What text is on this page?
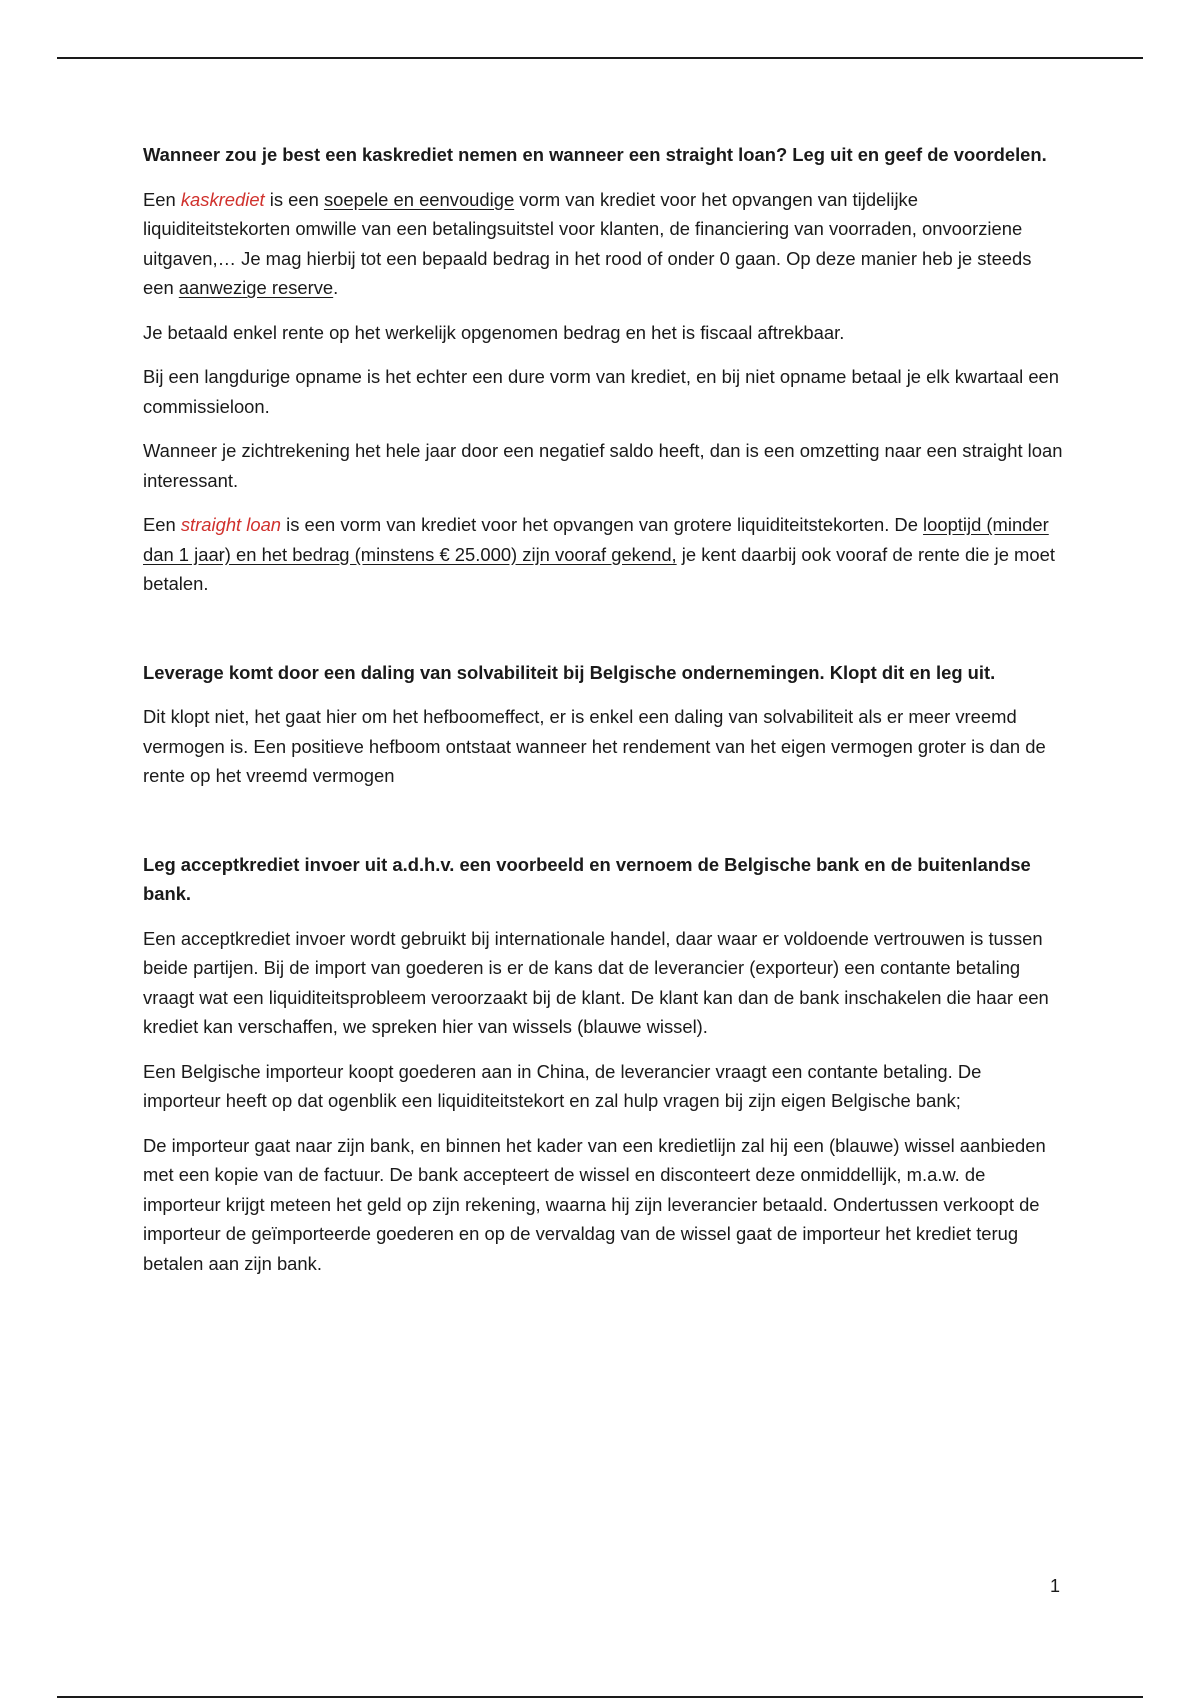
Wanneer zou je best een kaskrediet nemen en wanneer een straight loan? Leg uit en geef de voordelen.

Een kaskrediet is een soepele en eenvoudige vorm van krediet voor het opvangen van tijdelijke liquiditeitstekorten omwille van een betalingsuitstel voor klanten, de financiering van voorraden, onvoorziene uitgaven,… Je mag hierbij tot een bepaald bedrag in het rood of onder 0 gaan. Op deze manier heb je steeds een aanwezige reserve.

Je betaald enkel rente op het werkelijk opgenomen bedrag en het is fiscaal aftrekbaar.

Bij een langdurige opname is het echter een dure vorm van krediet, en bij niet opname betaal je elk kwartaal een commissieloon.

Wanneer je zichtrekening het hele jaar door een negatief saldo heeft, dan is een omzetting naar een straight loan interessant.

Een straight loan is een vorm van krediet voor het opvangen van grotere liquiditeitstekorten. De looptijd (minder dan 1 jaar) en het bedrag (minstens € 25.000) zijn vooraf gekend, je kent daarbij ook vooraf de rente die je moet betalen.

Leverage komt door een daling van solvabiliteit bij Belgische ondernemingen. Klopt dit en leg uit.

Dit klopt niet, het gaat hier om het hefboomeffect, er is enkel een daling van solvabiliteit als er meer vreemd vermogen is. Een positieve hefboom ontstaat wanneer het rendement van het eigen vermogen groter is dan de rente op het vreemd vermogen

Leg acceptkrediet invoer uit a.d.h.v. een voorbeeld en vernoem de Belgische bank en de buitenlandse bank.

Een acceptkrediet invoer wordt gebruikt bij internationale handel, daar waar er voldoende vertrouwen is tussen beide partijen. Bij de import van goederen is er de kans dat de leverancier (exporteur) een contante betaling vraagt wat een liquiditeitsprobleem veroorzaakt bij de klant. De klant kan dan de bank inschakelen die haar een krediet kan verschaffen, we spreken hier van wissels (blauwe wissel).

Een Belgische importeur koopt goederen aan in China, de leverancier vraagt een contante betaling. De importeur heeft op dat ogenblik een liquiditeitstekort en zal hulp vragen bij zijn eigen Belgische bank;

De importeur gaat naar zijn bank, en binnen het kader van een kredietlijn zal hij een (blauwe) wissel aanbieden met een kopie van de factuur. De bank accepteert de wissel en disconteert deze onmiddellijk, m.a.w. de importeur krijgt meteen het geld op zijn rekening, waarna hij zijn leverancier betaald. Ondertussen verkoopt de importeur de geïmporteerde goederen en op de vervaldag van de wissel gaat de importeur het krediet terug betalen aan zijn bank.

1
